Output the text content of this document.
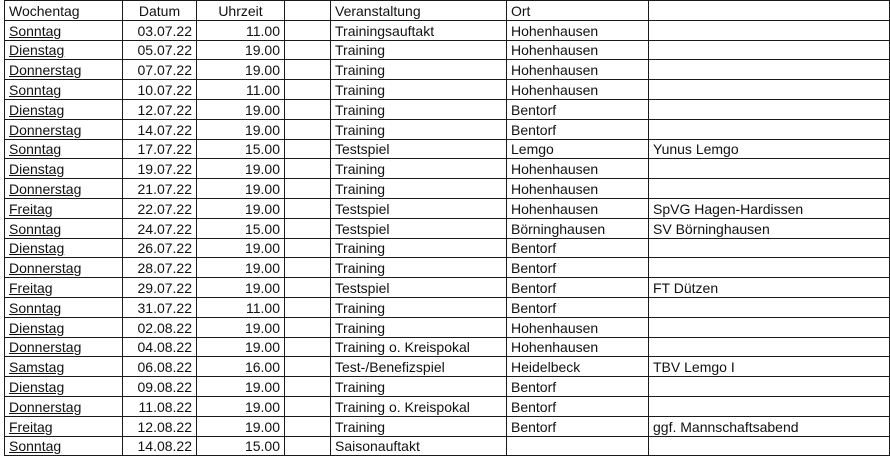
Wochentag	Datum	Uhrzeit		Veranstaltung	Ort	
Sonntag	03.07.22	11.00		Trainingsauftakt	Hohenhausen	
Dienstag	05.07.22	19.00		Training	Hohenhausen	
Donnerstag	07.07.22	19.00		Training	Hohenhausen	
Sonntag	10.07.22	11.00		Training	Hohenhausen	
Dienstag	12.07.22	19.00		Training	Bentorf	
Donnerstag	14.07.22	19.00		Training	Bentorf	
Sonntag	17.07.22	15.00		Testspiel	Lemgo	Yunus Lemgo
Dienstag	19.07.22	19.00		Training	Hohenhausen	
Donnerstag	21.07.22	19.00		Training	Hohenhausen	
Freitag	22.07.22	19.00		Testspiel	Hohenhausen	SpVG Hagen-Hardissen
Sonntag	24.07.22	15.00		Testspiel	Börninghausen	SV Börninghausen
Dienstag	26.07.22	19.00		Training	Bentorf	
Donnerstag	28.07.22	19.00		Training	Bentorf	
Freitag	29.07.22	19.00		Testspiel	Bentorf	FT Dützen
Sonntag	31.07.22	11.00		Training	Bentorf	
Dienstag	02.08.22	19.00		Training	Hohenhausen	
Donnerstag	04.08.22	19.00		Training o. Kreispokal	Hohenhausen	
Samstag	06.08.22	16.00		Test-/Benefizspiel	Heidelbeck	TBV Lemgo I
Dienstag	09.08.22	19.00		Training	Bentorf	
Donnerstag	11.08.22	19.00		Training o. Kreispokal	Bentorf	
Freitag	12.08.22	19.00		Training	Bentorf	ggf. Mannschaftsabend
Sonntag	14.08.22	15.00		Saisonauftakt		
